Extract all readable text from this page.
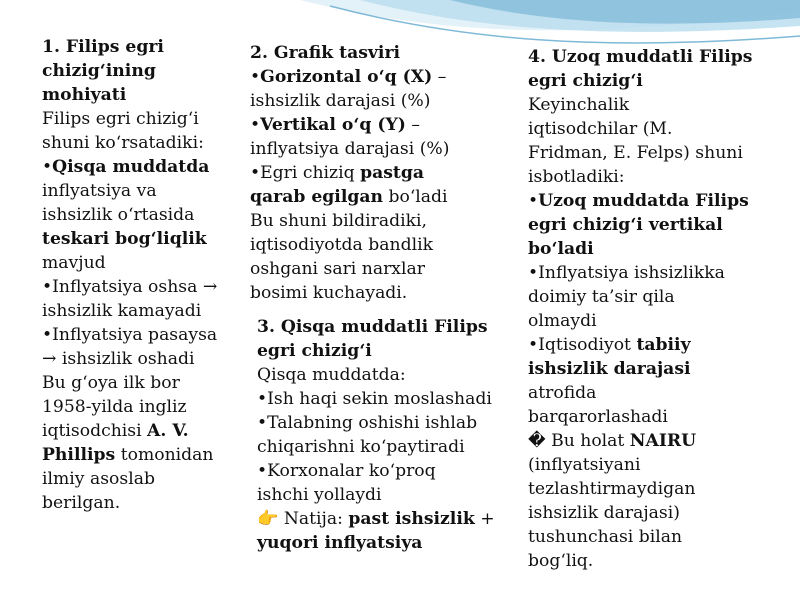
1. Filips egri
chizig‘ining
mohiyati
Filips egri chizig‘i
shuni ko‘rsatadiki:
•Qisqa muddatda
inflyatsiya va
ishsizlik o‘rtasida
teskari bog‘liqlik
mavjud
•Inflyatsiya oshsa →
ishsizlik kamayadi
•Inflyatsiya pasaysa
→ ishsizlik oshadi
Bu g‘oya ilk bor
1958-yilda ingliz
iqtisodchisi A. V.
Phillips tomonidan
ilmiy asoslab
berilgan.
2. Grafik tasviri
•Gorizontal o‘q (X) –
ishsizlik darajasi (%)
•Vertikal o‘q (Y) –
inflyatsiya darajasi (%)
•Egri chiziq pastga
qarab egilgan bo‘ladi
Bu shuni bildiradiki,
iqtisodiyotda bandlik
oshgani sari narxlar
bosimi kuchayadi.
3. Qisqa muddatli Filips
egri chizig‘i
Qisqa muddatda:
•Ish haqi sekin moslashadi
•Talabning oshishi ishlab
chiqarishni ko‘paytiradi
•Korxonalar ko‘proq
ishchi yollaydi
👉 Natija: past ishsizlik +
yuqori inflyatsiya
4. Uzoq muddatli Filips
egri chizig‘i
Keyinchalik
iqtisodchilar (M.
Fridman, E. Felps) shuni
isbotladiki:
•Uzoq muddatda Filips
egri chizig‘i vertikal
bo‘ladi
•Inflyatsiya ishsizlikka
doimiy ta’sir qila
olmaydi
•Iqtisodiyot tabiiy
ishsizlik darajasi
atrofida
barqarorlashadi
� Bu holat NAIRU
(inflyatsiyani
tezlashtirmaydigan
ishsizlik darajasi)
tushunchasi bilan
bog‘liq.
